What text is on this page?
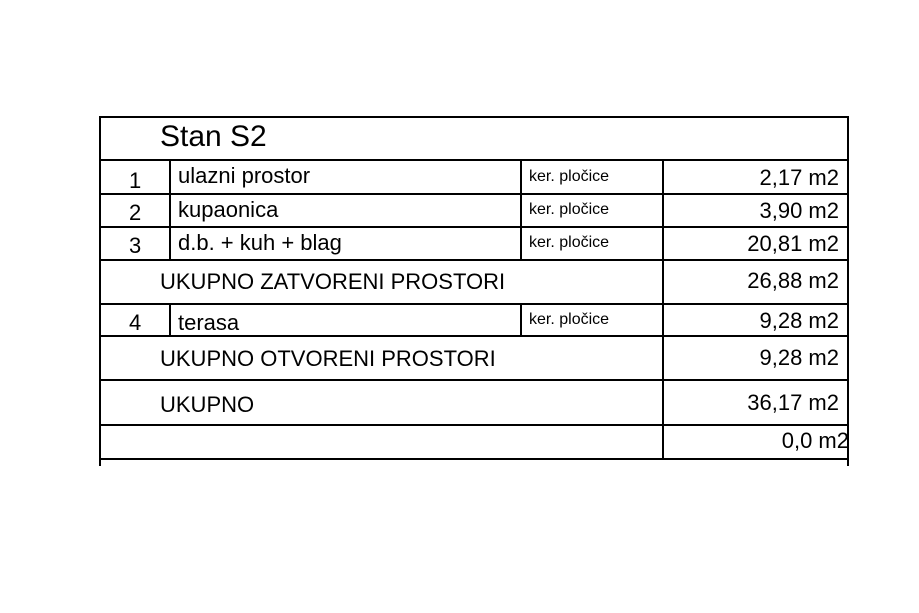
Stan S2
1 ulazni prostor	ker. pločice	2,17 m2
2 kupaonica	ker. pločice	3,90 m2
3 d.b. + kuh + blag	ker. pločice	20,81 m2
UKUPNO ZATVORENI PROSTORI	26,88 m2
4 terasa	ker. pločice	9,28 m2
UKUPNO OTVORENI PROSTORI	9,28 m2
UKUPNO	36,17 m2
0,0 m2
